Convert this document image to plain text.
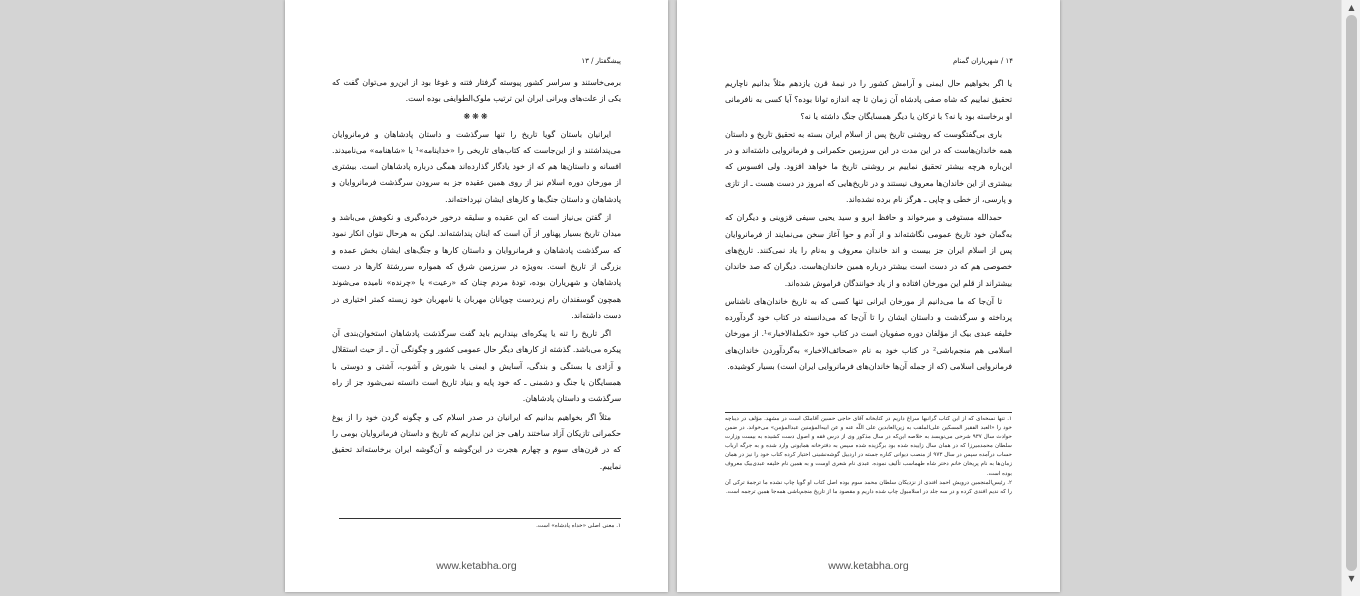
پیشگفتار / ۱۳

برمی‌خاستند و سراسر کشور پیوسته گرفتار فتنه و غوغا بود از این‌رو می‌توان گفت که یکی از علت‌های ویرانی ایران این ترتیب ملوک‌الطوایفی بوده است.

❋❋❋

ایرانیان باستان گویا تاریخ را تنها سرگذشت و داستان پادشاهان و فرمانروایان می‌پنداشتند و از این‌جاست که کتاب‌های تاریخی را «خداینامه»¹ یا «شاهنامه» می‌نامیدند. افسانه و داستان‌ها هم که از خود یادگار گذارده‌اند همگی درباره پادشاهان است. بیشتری از مورخان دوره اسلام نیز از روی همین عقیده جز به سرودن سرگذشت فرمانروایان و پادشاهان و داستان جنگ‌ها و کارهای ایشان نپرداخته‌اند.

از گفتن بی‌نیاز است که این عقیده و سلیقه درخور خرده‌گیری و نکوهش می‌باشد و میدان تاریخ بسیار پهناور از آن است که اینان پنداشته‌اند. لیکن به هرحال نتوان انکار نمود که سرگذشت پادشاهان و فرمانروایان و داستان کارها و جنگ‌های ایشان بخش عمده و بزرگی از تاریخ است. به‌ویژه در سرزمین شرق که همواره سررشتهٔ کارها در دست پادشاهان و شهریاران بوده، تودهٔ مردم چنان که «رعیت» یا «چرنده» نامیده می‌شوند همچون گوسفندان رام زیردست چوپانان مهربان یا نامهربان خود زیسته کمتر اختیاری در دست داشته‌اند.

اگر تاریخ را تنه یا پیکره‌ای بپنداریم باید گفت سرگذشت پادشاهان استخوان‌بندی آن پیکره می‌باشد. گذشته از کارهای دیگر حال عمومی کشور و چگونگی آن ـ از حیث استقلال و آزادی یا بستگی و بندگی، آسایش و ایمنی یا شورش و آشوب، آشتی و دوستی با همسایگان یا جنگ و دشمنی ـ که خود پایه و بنیاد تاریخ است دانسته نمی‌شود جز از راه سرگذشت و داستان پادشاهان.

مثلاً اگر بخواهیم بدانیم که ایرانیان در صدر اسلام کی و چگونه گردن خود را از یوغ حکمرانی تازیکان آزاد ساختند راهی جز این نداریم که تاریخ و داستان فرمانروایان بومی را که در قرن‌های سوم و چهارم هجرت در این‌گوشه و آن‌گوشه ایران برخاسته‌اند تحقیق نماییم.

۱. معنی اصلی «خداه پادشاه» است.
www.ketabha.org
۱۴ / شهریاران گمنام

یا اگر بخواهیم حال ایمنی و آرامش کشور را در نیمهٔ قرن یازدهم مثلاً بدانیم ناچاریم تحقیق نماییم که شاه صفی پادشاه آن زمان تا چه اندازه توانا بوده؟ آیا کسی به نافرمانی او برخاسته بود یا نه؟ با ترکان یا دیگر همسایگان جنگ داشته یا نه؟

باری بی‌گفتگوست که روشنی تاریخ پس از اسلام ایران بسته به تحقیق تاریخ و داستان همه خاندان‌هاست که در این مدت در این سرزمین حکمرانی و فرمانروایی داشته‌اند و در این‌باره هرچه بیشتر تحقیق نماییم بر روشنی تاریخ ما خواهد افزود. ولی افسوس که بیشتری از این خاندان‌ها معروف نیستند و در تاریخ‌هایی که امروز در دست هست ـ از تازی و پارسی، از خطی و چاپی ـ هرگز نام برده نشده‌اند.

حمدالله مستوفی و میرخواند و حافظ ابرو و سید یحیی سیفی قزوینی و دیگران که به‌گمان خود تاریخ عمومی نگاشته‌اند و از آدم و حوا آغاز سخن می‌نمایند از فرمانروایان پس از اسلام ایران جز بیست و اند خاندان معروف و به‌نام را یاد نمی‌کنند. تاریخ‌های خصوصی هم که در دست است بیشتر درباره همین خاندان‌هاست. دیگران که صد خاندان بیشتراند از قلم این مورخان افتاده و از یاد خوانندگان فراموش شده‌اند.

تا آن‌جا که ما می‌دانیم از مورخان ایرانی تنها کسی که به تاریخ خاندان‌های ناشناس پرداخته و سرگذشت و داستان ایشان را تا آن‌جا که می‌دانسته در کتاب خود گردآورده خلیفه عبدی بیک از مؤلفان دوره صفویان است در کتاب خود «تکملة‌الاخبار»¹. از مورخان اسلامی هم منجم‌باشی² در کتاب خود به نام «صحائف‌الاخبار» به‌گردآوردن خاندان‌های فرمانروایی اسلامی (که از جمله آن‌ها خاندان‌های فرمانروایی ایران است) بسیار کوشیده.

۱. تنها نسخه‌ای که از این کتاب گرانبها سراغ داریم در کتابخانه آقای حاجی حسین آقاملک است در مشهد. مؤلف در دیباچه خود را «العبد الفقیر المسکین علی‌الملقب به زین‌العابدین علی اللّه عنه و عن ابیه‌المؤمنین عبدالمؤمن» می‌خواند. در ضمن حوادث سال ۹۳۷ شرحی می‌نویسد به خلاصه این‌که در سال مذکور وی از درس فقه و اصول دست کشیده به بیست وزارت سلطان محمدمیرزا که در همان سال زاییده شده بود برگزیده شده سپس به دفترخانه همایونی وارد شده و به جرگه ارباب حساب درآمده سپس در سال ۹۷۳ از منصب دیوانی کناره جسته در اردبیل گوشه‌نشینی اختیار کرده کتاب خود را نیز در همان زمان‌ها به نام پریخان خانم دختر شاه طهماسب تألیف نموده. عبدی نام شعری اوست و به همین نام خلیفه عبدی‌بیک معروف بوده است.
۲. رئیس‌المنجمین درویش احمد افندی از نزدیکان سلطان محمد سوم بوده اصل کتاب او گویا چاپ نشده ما ترجمهٔ ترکی آن را که ندیم افندی کرده و در سه جلد در اسلامبول چاپ شده داریم و مقصود ما از تاریخ منجم‌باشی همه‌جا همین ترجمه است.
www.ketabha.org
▲
▼
